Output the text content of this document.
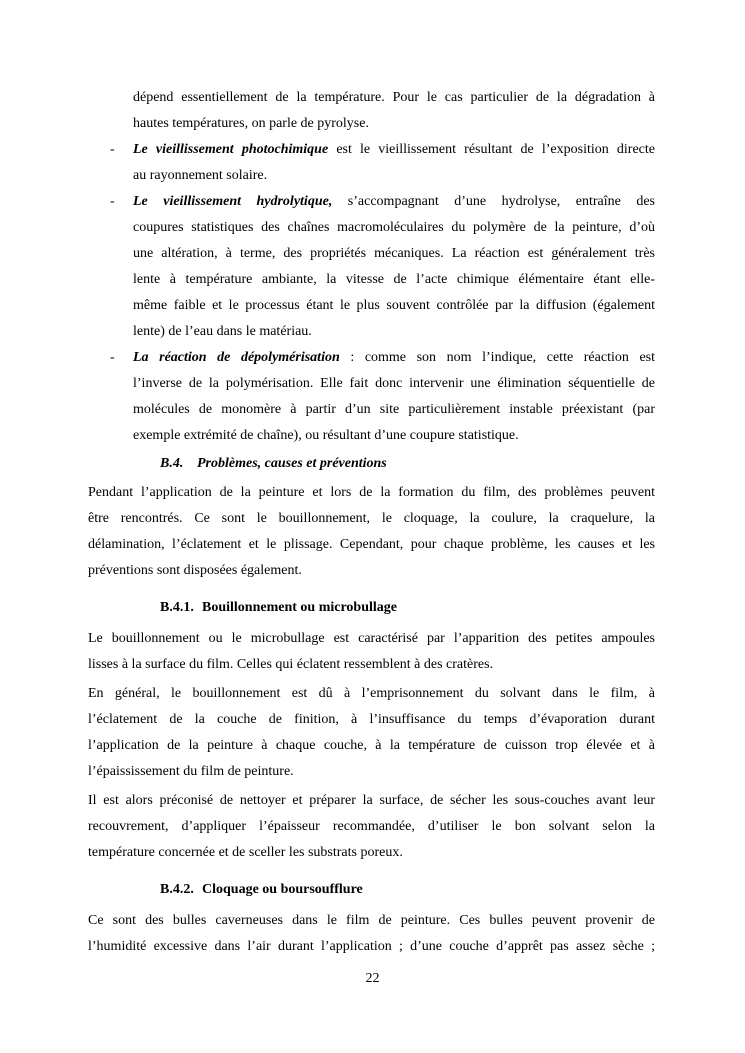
dépend essentiellement de la température. Pour le cas particulier de la dégradation à
hautes températures, on parle de pyrolyse.
- Le vieillissement photochimique est le vieillissement résultant de l’exposition directe
au rayonnement solaire.
- Le vieillissement hydrolytique, s’accompagnant d’une hydrolyse, entraîne des
coupures statistiques des chaînes macromoléculaires du polymère de la peinture, d’où
une altération, à terme, des propriétés mécaniques. La réaction est généralement très
lente à température ambiante, la vitesse de l’acte chimique élémentaire étant elle-
même faible et le processus étant le plus souvent contrôlée par la diffusion (également
lente) de l’eau dans le matériau.
- La réaction de dépolymérisation : comme son nom l’indique, cette réaction est
l’inverse de la polymérisation. Elle fait donc intervenir une élimination séquentielle de
molécules de monomère à partir d’un site particulièrement instable préexistant (par
exemple extrémité de chaîne), ou résultant d’une coupure statistique.
B.4. Problèmes, causes et préventions
Pendant l’application de la peinture et lors de la formation du film, des problèmes peuvent
être rencontrés. Ce sont le bouillonnement, le cloquage, la coulure, la craquelure, la
délamination, l’éclatement et le plissage. Cependant, pour chaque problème, les causes et les
préventions sont disposées également.
B.4.1. Bouillonnement ou microbullage
Le bouillonnement ou le microbullage est caractérisé par l’apparition des petites ampoules
lisses à la surface du film. Celles qui éclatent ressemblent à des cratères.
En général, le bouillonnement est dû à l’emprisonnement du solvant dans le film, à
l’éclatement de la couche de finition, à l’insuffisance du temps d’évaporation durant
l’application de la peinture à chaque couche, à la température de cuisson trop élevée et à
l’épaississement du film de peinture.
Il est alors préconisé de nettoyer et préparer la surface, de sécher les sous-couches avant leur
recouvrement, d’appliquer l’épaisseur recommandée, d’utiliser le bon solvant selon la
température concernée et de sceller les substrats poreux.
B.4.2. Cloquage ou boursoufflure
Ce sont des bulles caverneuses dans le film de peinture. Ces bulles peuvent provenir de
l’humidité excessive dans l’air durant l’application ; d’une couche d’apprêt pas assez sèche ;
22
